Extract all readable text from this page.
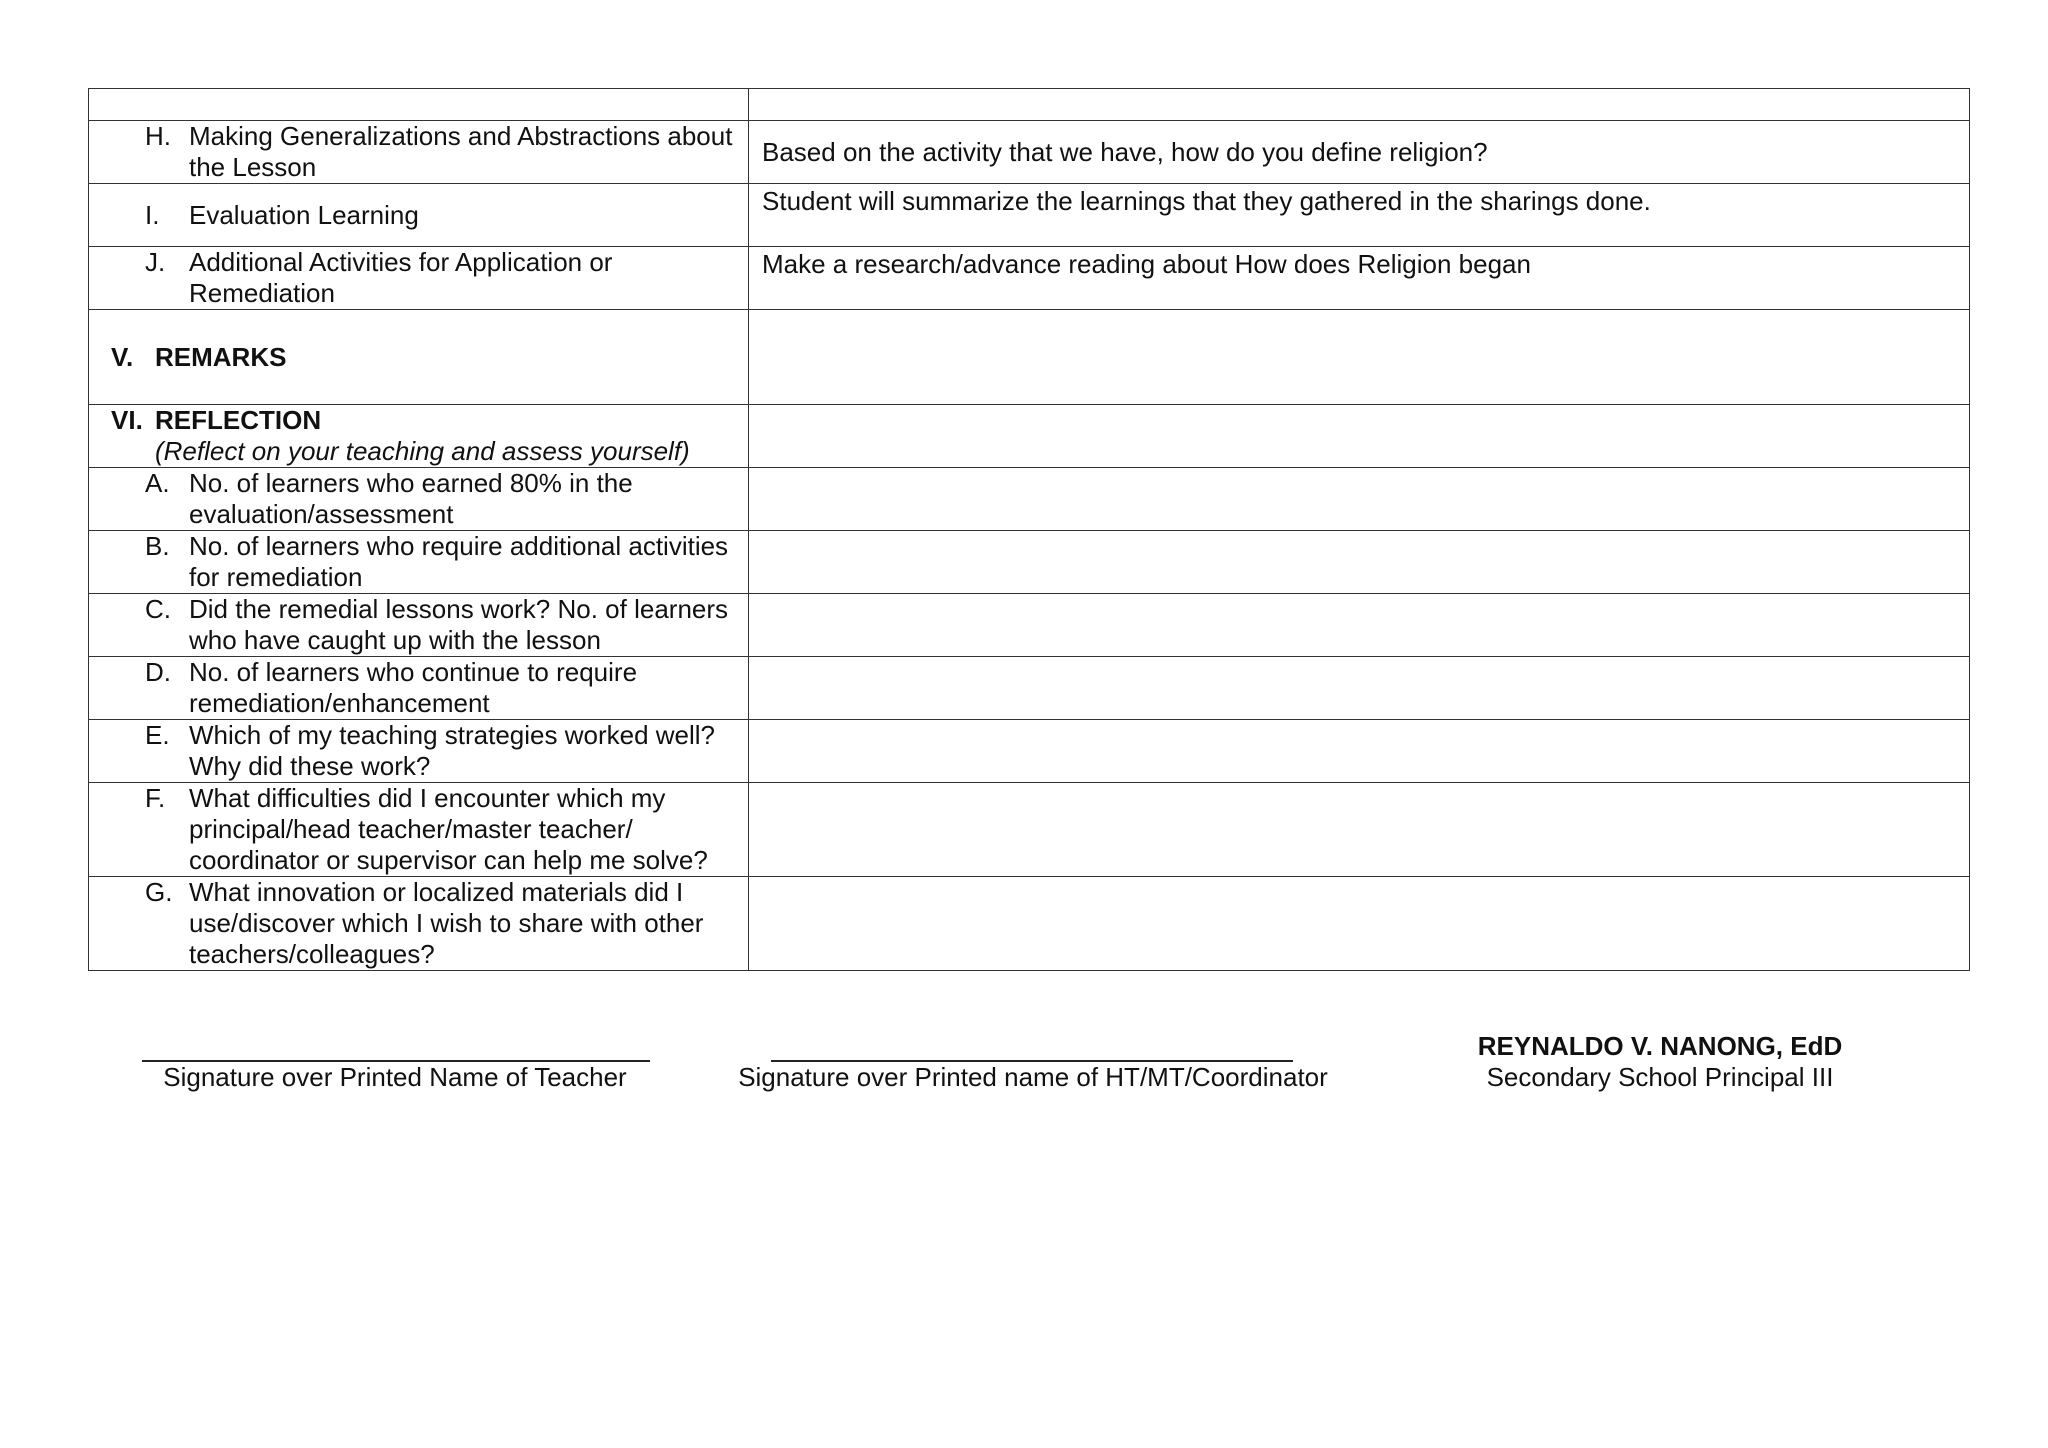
H. Making Generalizations and Abstractions about the Lesson	Based on the activity that we have, how do you define religion?

I. Evaluation Learning	Student will summarize the learnings that they gathered in the sharings done.

J. Additional Activities for Application or Remediation	Make a research/advance reading about How does Religion began

V. REMARKS	

VI. REFLECTION
(Reflect on your teaching and assess yourself)	

A. No. of learners who earned 80% in the evaluation/assessment	

B. No. of learners who require additional activities for remediation	

C. Did the remedial lessons work? No. of learners who have caught up with the lesson	

D. No. of learners who continue to require remediation/enhancement	

E. Which of my teaching strategies worked well? Why did these work?	

F. What difficulties did I encounter which my principal/head teacher/master teacher/ coordinator or supervisor can help me solve?	

G. What innovation or localized materials did I use/discover which I wish to share with other teachers/colleagues?	

Signature over Printed Name of Teacher	Signature over Printed name of HT/MT/Coordinator
REYNALDO V. NANONG, EdD
Secondary School Principal III
